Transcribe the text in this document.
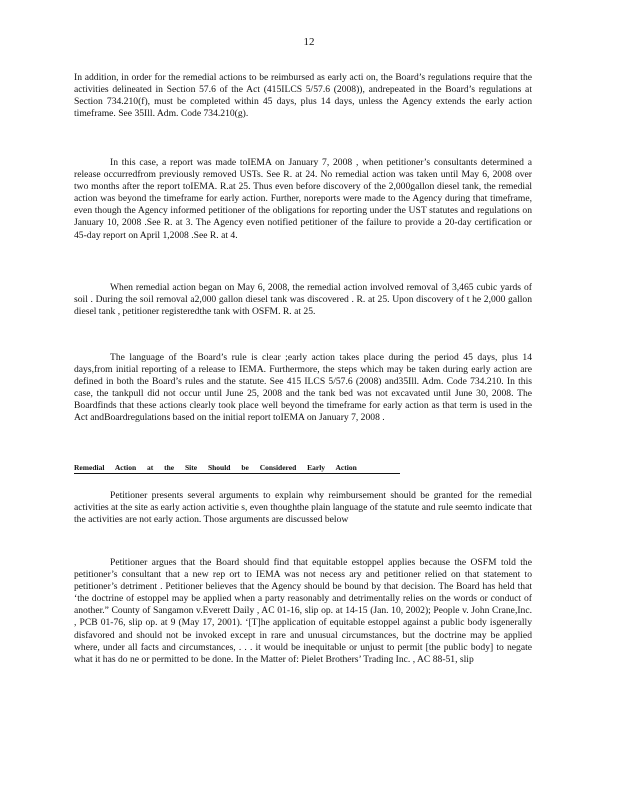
12

In addition, in order for the remedial actions to be reimbursed as early acti on, the Board’s regulations require that the activities delineated in Section 57.6 of the Act (415ILCS 5/57.6 (2008)), andrepeated in the Board’s regulations at Section 734.210(f), must be completed within 45 days, plus 14 days, unless the Agency extends the early action timeframe. See 35Ill. Adm. Code 734.210(g).

In this case, a report was made toIEMA on January 7, 2008 , when petitioner’s consultants determined a release occurredfrom previously removed USTs. See R. at 24. No remedial action was taken until May 6, 2008 over two months after the report toIEMA. R.at 25. Thus even before discovery of the 2,000gallon diesel tank, the remedial action was beyond the timeframe for early action. Further, noreports were made to the Agency during that timeframe, even though the Agency informed petitioner of the obligations for reporting under the UST statutes and regulations on January 10, 2008 .See R. at 3. The Agency even notified petitioner of the failure to provide a 20-day certification or 45-day report on April 1,2008 .See R. at 4.

When remedial action began on May 6, 2008, the remedial action involved removal of 3,465 cubic yards of soil . During the soil removal a2,000 gallon diesel tank was discovered . R. at 25. Upon discovery of t he 2,000 gallon diesel tank , petitioner registeredthe tank with OSFM. R. at 25.

The language of the Board’s rule is clear ;early action takes place during the period 45 days, plus 14 days,from initial reporting of a release to IEMA. Furthermore, the steps which may be taken during early action are defined in both the Board’s rules and the statute. See 415 ILCS 5/57.6 (2008) and35Ill. Adm. Code 734.210. In this case, the tankpull did not occur until June 25, 2008 and the tank bed was not excavated until June 30, 2008. The Boardfinds that these actions clearly took place well beyond the timeframe for early action as that term is used in the Act andBoardregulations based on the initial report toIEMA on January 7, 2008 .

Remedial Action at the Site Should be Considered Early Action

Petitioner presents several arguments to explain why reimbursement should be granted for the remedial activities at the site as early action activitie s, even thoughthe plain language of the statute and rule seemto indicate that the activities are not early action. Those arguments are discussed below

Petitioner argues that the Board should find that equitable estoppel applies because the OSFM told the petitioner’s consultant that a new rep ort to IEMA was not necess ary and petitioner relied on that statement to petitioner’s detriment . Petitioner believes that the Agency should be bound by that decision. The Board has held that ‘the doctrine of estoppel may be applied when a party reasonably and detrimentally relies on the words or conduct of another.” County of Sangamon v.Everett Daily , AC 01-16, slip op. at 14-15 (Jan. 10, 2002); People v. John Crane,Inc. , PCB 01-76, slip op. at 9 (May 17, 2001). ‘[T]he application of equitable estoppel against a public body isgenerally disfavored and should not be invoked except in rare and unusual circumstances, but the doctrine may be applied where, under all facts and circumstances, . . . it would be inequitable or unjust to permit [the public body] to negate what it has do ne or permitted to be done. In the Matter of: Pielet Brothers’ Trading Inc. , AC 88-51, slip
